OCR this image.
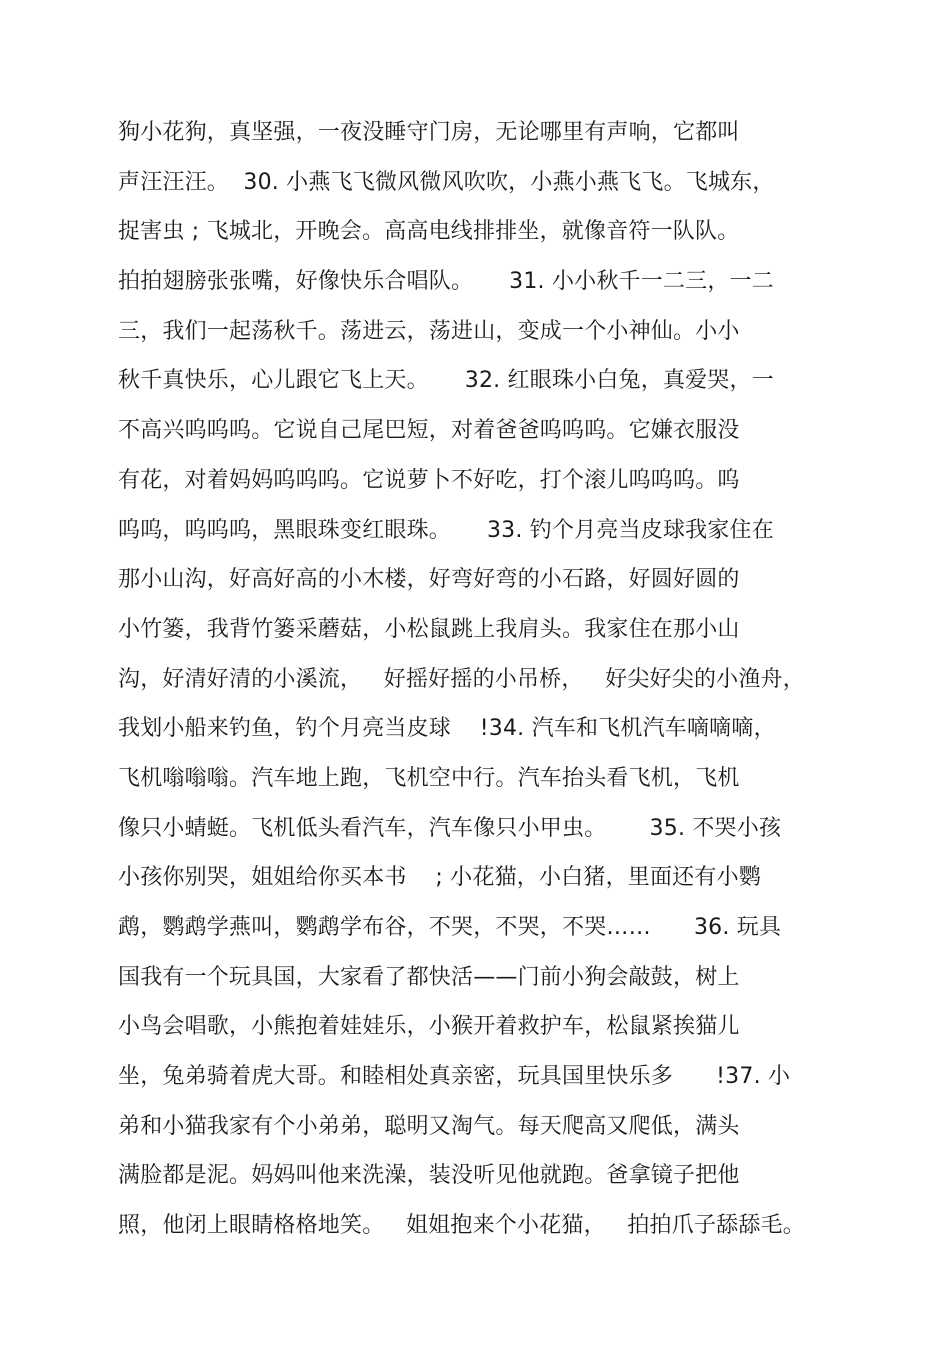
狗小花狗，真坚强，一夜没睡守门房，无论哪里有声响，它都叫
声汪汪汪。  30. 小燕飞飞微风微风吹吹，小燕小燕飞飞。飞城东，
捉害虫 ; 飞城北，开晚会。高高电线排排坐，就像音符一队队。
拍拍翅膀张张嘴，好像快乐合唱队。     31. 小小秋千一二三，一二
三，我们一起荡秋千。荡进云，荡进山，变成一个小神仙。小小
秋千真快乐，心儿跟它飞上天。     32. 红眼珠小白兔，真爱哭，一
不高兴呜呜呜。它说自己尾巴短，对着爸爸呜呜呜。它嫌衣服没
有花，对着妈妈呜呜呜。它说萝卜不好吃，打个滚儿呜呜呜。呜
呜呜，呜呜呜，黑眼珠变红眼珠。     33. 钓个月亮当皮球我家住在
那小山沟，好高好高的小木楼，好弯好弯的小石路，好圆好圆的
小竹篓，我背竹篓采蘑菇，小松鼠跳上我肩头。我家住在那小山
沟，好清好清的小溪流，   好摇好摇的小吊桥，   好尖好尖的小渔舟，
我划小船来钓鱼，钓个月亮当皮球    !34. 汽车和飞机汽车嘀嘀嘀，
飞机嗡嗡嗡。汽车地上跑，飞机空中行。汽车抬头看飞机，飞机
像只小蜻蜓。飞机低头看汽车，汽车像只小甲虫。      35. 不哭小孩
小孩你别哭，姐姐给你买本书    ; 小花猫，小白猪，里面还有小鹦
鹉，鹦鹉学燕叫，鹦鹉学布谷，不哭，不哭，不哭……      36. 玩具
国我有一个玩具国，大家看了都快活——门前小狗会敲鼓，树上
小鸟会唱歌，小熊抱着娃娃乐，小猴开着救护车，松鼠紧挨猫儿
坐，兔弟骑着虎大哥。和睦相处真亲密，玩具国里快乐多      !37. 小
弟和小猫我家有个小弟弟，聪明又淘气。每天爬高又爬低，满头
满脸都是泥。妈妈叫他来洗澡，装没听见他就跑。爸拿镜子把他
照，他闭上眼睛格格地笑。   姐姐抱来个小花猫，   拍拍爪子舔舔毛。
